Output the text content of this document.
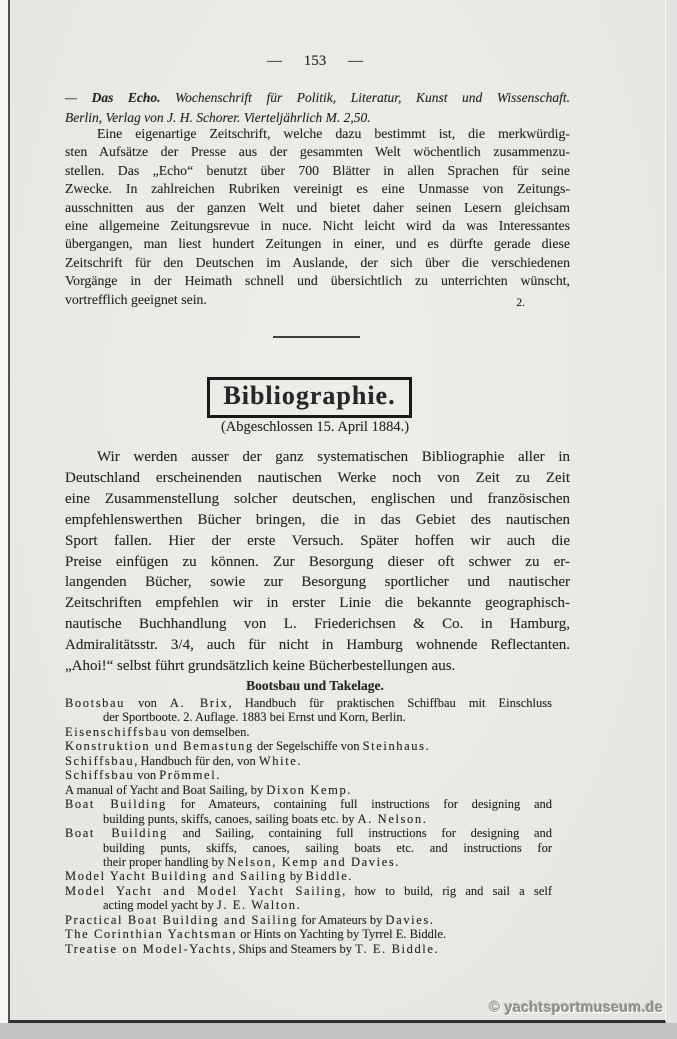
— 153 —
— Das Echo. Wochenschrift für Politik, Literatur, Kunst und Wissenschaft.
Berlin, Verlag von J. H. Schorer. Vierteljährlich M. 2,50.
Eine eigenartige Zeitschrift, welche dazu bestimmt ist, die merkwürdig-
sten Aufsätze der Presse aus der gesammten Welt wöchentlich zusammenzu-
stellen. Das „Echo“ benutzt über 700 Blätter in allen Sprachen für seine
Zwecke. In zahlreichen Rubriken vereinigt es eine Unmasse von Zeitungs-
ausschnitten aus der ganzen Welt und bietet daher seinen Lesern gleichsam
eine allgemeine Zeitungsrevue in nuce. Nicht leicht wird da was Interessantes
übergangen, man liest hundert Zeitungen in einer, und es dürfte gerade diese
Zeitschrift für den Deutschen im Auslande, der sich über die verschiedenen
Vorgänge in der Heimath schnell und übersichtlich zu unterrichten wünscht,
2.
vortrefflich geeignet sein.
Bibliographie.
(Abgeschlossen 15. April 1884.)
Wir werden ausser der ganz systematischen Bibliographie aller in
Deutschland erscheinenden nautischen Werke noch von Zeit zu Zeit
eine Zusammenstellung solcher deutschen, englischen und französischen
empfehlenswerthen Bücher bringen, die in das Gebiet des nautischen
Sport fallen. Hier der erste Versuch. Später hoffen wir auch die
Preise einfügen zu können. Zur Besorgung dieser oft schwer zu er-
langenden Bücher, sowie zur Besorgung sportlicher und nautischer
Zeitschriften empfehlen wir in erster Linie die bekannte geographisch-
nautische Buchhandlung von L. Friederichsen & Co. in Hamburg,
Admiralitätsstr. 3/4, auch für nicht in Hamburg wohnende Reflectanten.
„Ahoi!“ selbst führt grundsätzlich keine Bücherbestellungen aus.
Bootsbau und Takelage.
Bootsbau von A. Brix, Handbuch für praktischen Schiffbau mit Einschluss
der Sportboote. 2. Auflage. 1883 bei Ernst und Korn, Berlin.
Eisenschiffsbau von demselben.
Konstruktion und Bemastung der Segelschiffe von Steinhaus.
Schiffsbau, Handbuch für den, von White.
Schiffsbau von Prömmel.
A manual of Yacht and Boat Sailing, by Dixon Kemp.
Boat Building for Amateurs, containing full instructions for designing and
building punts, skiffs, canoes, sailing boats etc. by A. Nelson.
Boat Building and Sailing, containing full instructions for designing and
building punts, skiffs, canoes, sailing boats etc. and instructions for
their proper handling by Nelson, Kemp and Davies.
Model Yacht Building and Sailing by Biddle.
Model Yacht and Model Yacht Sailing, how to build, rig and sail a self
acting model yacht by J. E. Walton.
Practical Boat Building and Sailing for Amateurs by Davies.
The Corinthian Yachtsman or Hints on Yachting by Tyrrel E. Biddle.
Treatise on Model-Yachts, Ships and Steamers by T. E. Biddle.
© yachtsportmuseum.de
